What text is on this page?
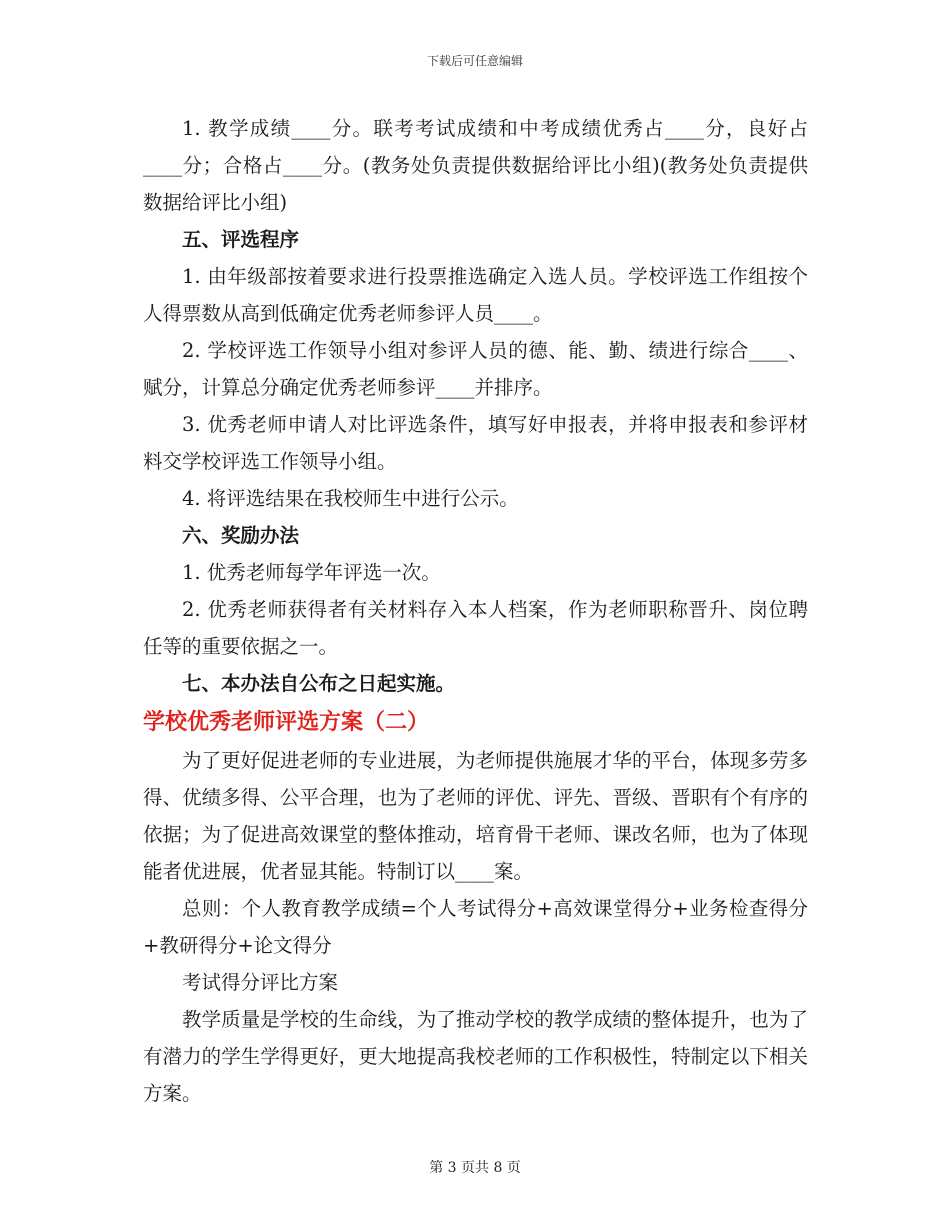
下载后可任意编辑

1. 教学成绩____分。联考考试成绩和中考成绩优秀占____分，良好占____分；合格占____分。(教务处负责提供数据给评比小组)(教务处负责提供数据给评比小组)

五、评选程序

1. 由年级部按着要求进行投票推选确定入选人员。学校评选工作组按个人得票数从高到低确定优秀老师参评人员____。

2. 学校评选工作领导小组对参评人员的德、能、勤、绩进行综合____、赋分，计算总分确定优秀老师参评____并排序。

3. 优秀老师申请人对比评选条件，填写好申报表，并将申报表和参评材料交学校评选工作领导小组。

4. 将评选结果在我校师生中进行公示。

六、奖励办法

1. 优秀老师每学年评选一次。

2. 优秀老师获得者有关材料存入本人档案，作为老师职称晋升、岗位聘任等的重要依据之一。

七、本办法自公布之日起实施。

学校优秀老师评选方案（二）

为了更好促进老师的专业进展，为老师提供施展才华的平台，体现多劳多得、优绩多得、公平合理，也为了老师的评优、评先、晋级、晋职有个有序的依据；为了促进高效课堂的整体推动，培育骨干老师、课改名师，也为了体现能者优进展，优者显其能。特制订以____案。

总则：个人教育教学成绩=个人考试得分+高效课堂得分+业务检查得分+教研得分+论文得分

考试得分评比方案

教学质量是学校的生命线，为了推动学校的教学成绩的整体提升，也为了有潜力的学生学得更好，更大地提高我校老师的工作积极性，特制定以下相关方案。

第 3 页共 8 页
